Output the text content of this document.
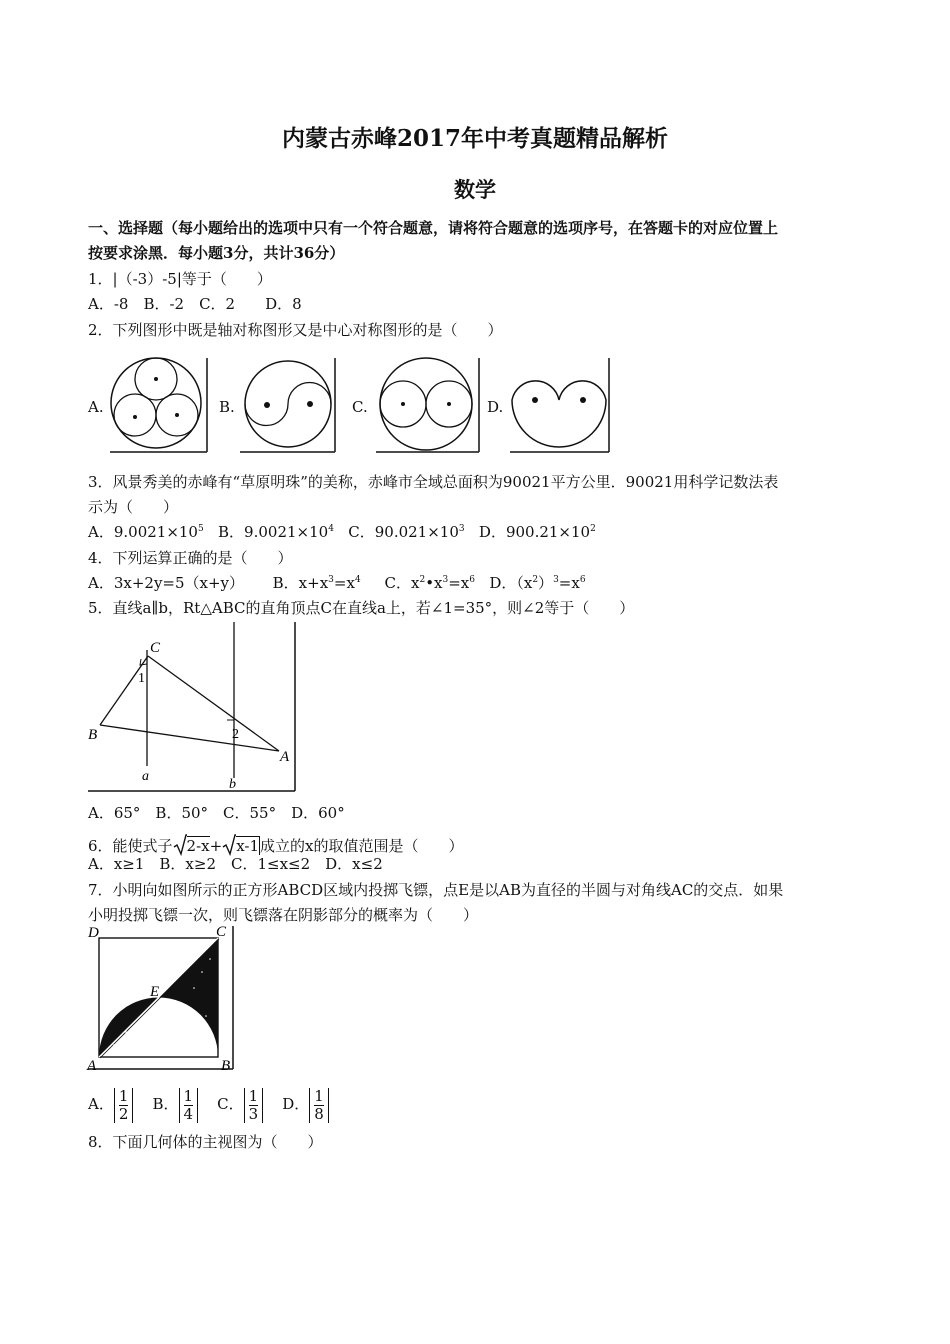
内蒙古赤峰2017年中考真题精品解析
数学
一、选择题（每小题给出的选项中只有一个符合题意，请将符合题意的选项序号，在答题卡的对应位置上
按要求涂黑．每小题3分，共计36分）
1．|（-3）-5|等于（　　）
A．-8　B．-2　C．2　　D．8
2．下列图形中既是轴对称图形又是中心对称图形的是（　　）
A.	B.	C.	D.
3．风景秀美的赤峰有“草原明珠”的美称，赤峰市全域总面积为90021平方公里．90021用科学记数法表
示为（　　）
A．$9.0021\times 10^5$ B．$9.0021\times 10^4$ C．$90.021\times 10^3$ D．$900.21\times 10^2$
4．下列运算正确的是（　　）
A．3x+2y=5（x+y） B．$x+x^3=x^4$ C．$x^2•x^3=x^6$ D．$(x^2)^3=x^6$
5．直线a∥b，Rt△ABC的直角顶点C在直线a上，若∠1=35°，则∠2等于（　　）
C
1
B	2
A
a
b
A．65°　B．50°　C．55°　D．60°
6．能使式子 2-x+ x-1成立的x的取值范围是（　　）
A．x≥1　B．x≥2　C．1≤x≤2　D．x≤2
7．小明向如图所示的正方形ABCD区域内投掷飞镖，点E是以AB为直径的半圆与对角线AC的交点．如果
小明投掷飞镖一次，则飞镖落在阴影部分的概率为（　　）
D	C
E
A	B
A． $\frac{1}{2}$ B． $\frac{1}{4}$ C． $\frac{1}{3}$ D． $\frac{1}{8}$
8．下面几何体的主视图为（　　）
